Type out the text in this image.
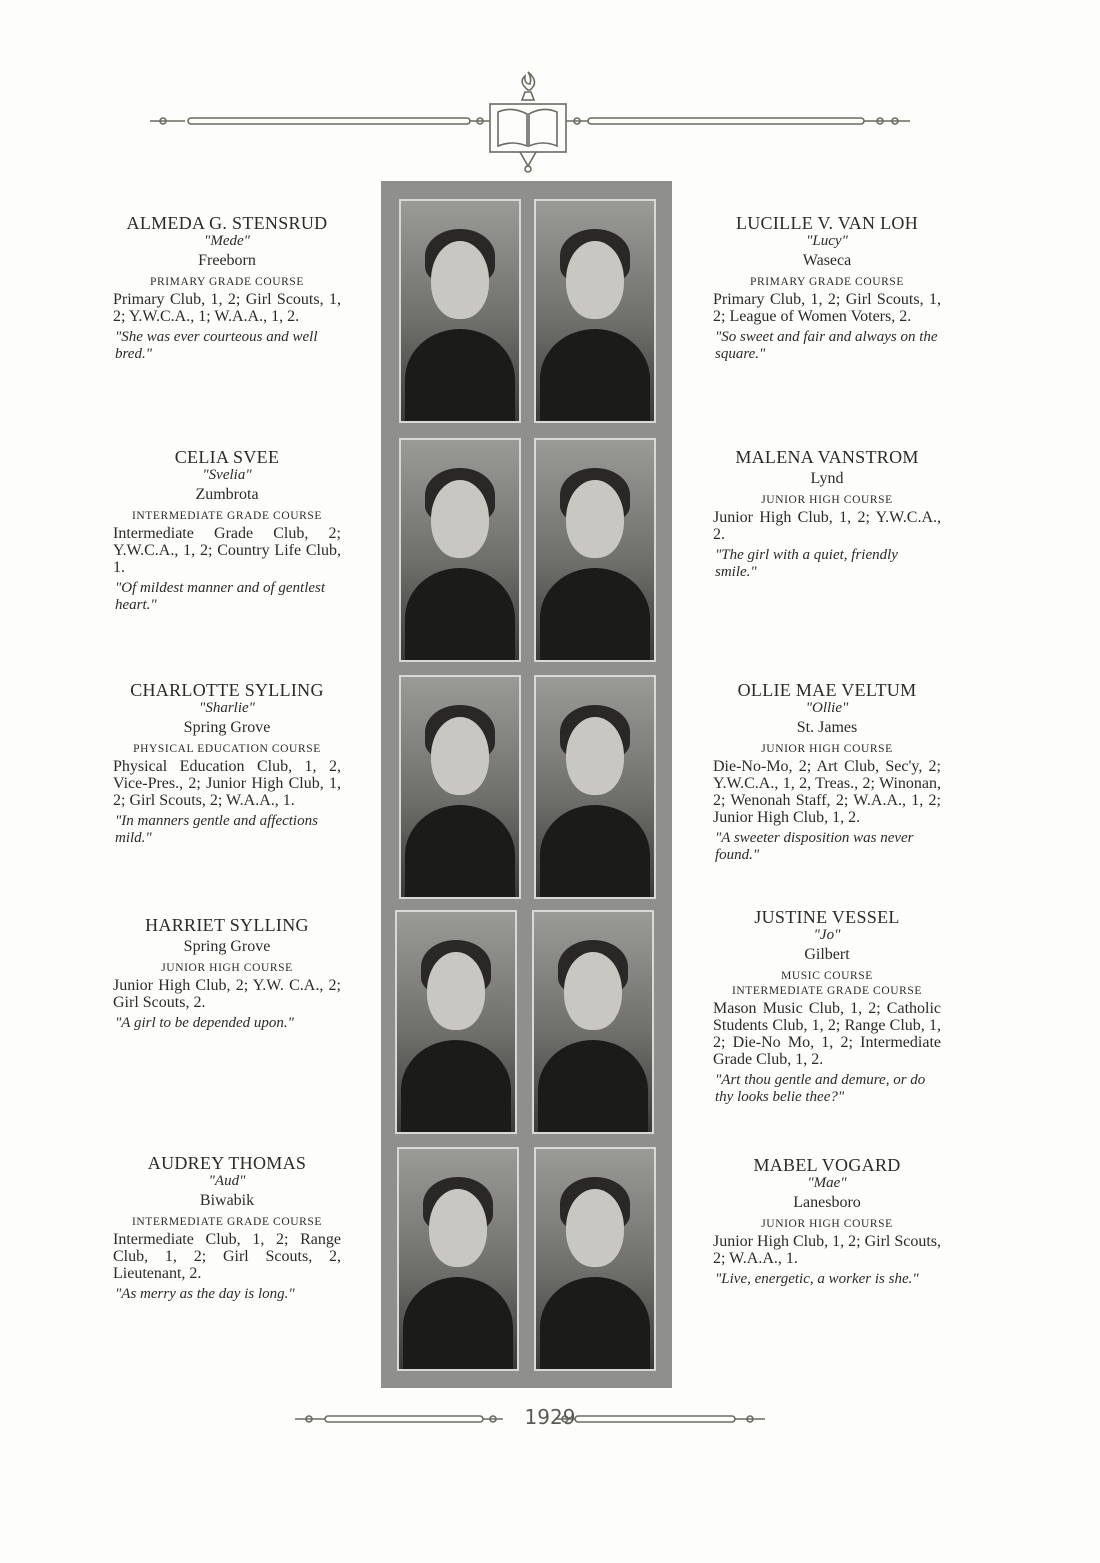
ALMEDA G. STENSRUD
"Mede"
Freeborn
PRIMARY GRADE COURSE
Primary Club, 1, 2; Girl Scouts, 1, 2; Y.W.C.A., 1; W.A.A., 1, 2.
"She was ever courteous and well bred."
CELIA SVEE
"Svelia"
Zumbrota
INTERMEDIATE GRADE COURSE
Intermediate Grade Club, 2; Y.W.C.A., 1, 2; Country Life Club, 1.
"Of mildest manner and of gentlest heart."
CHARLOTTE SYLLING
"Sharlie"
Spring Grove
PHYSICAL EDUCATION COURSE
Physical Education Club, 1, 2, Vice-Pres., 2; Junior High Club, 1, 2; Girl Scouts, 2; W.A.A., 1.
"In manners gentle and affections mild."
HARRIET SYLLING
Spring Grove
JUNIOR HIGH COURSE
Junior High Club, 2; Y.W. C.A., 2; Girl Scouts, 2.
"A girl to be depended upon."
AUDREY THOMAS
"Aud"
Biwabik
INTERMEDIATE GRADE COURSE
Intermediate Club, 1, 2; Range Club, 1, 2; Girl Scouts, 2, Lieutenant, 2.
"As merry as the day is long."
LUCILLE V. VAN LOH
"Lucy"
Waseca
PRIMARY GRADE COURSE
Primary Club, 1, 2; Girl Scouts, 1, 2; League of Women Voters, 2.
"So sweet and fair and always on the square."
MALENA VANSTROM
Lynd
JUNIOR HIGH COURSE
Junior High Club, 1, 2; Y.W.C.A., 2.
"The girl with a quiet, friendly smile."
OLLIE MAE VELTUM
"Ollie"
St. James
JUNIOR HIGH COURSE
Die-No-Mo, 2; Art Club, Sec'y, 2; Y.W.C.A., 1, 2, Treas., 2; Winonan, 2; Wenonah Staff, 2; W.A.A., 1, 2; Junior High Club, 1, 2.
"A sweeter disposition was never found."
JUSTINE VESSEL
"Jo"
Gilbert
MUSIC COURSE
INTERMEDIATE GRADE COURSE
Mason Music Club, 1, 2; Catholic Students Club, 1, 2; Range Club, 1, 2; Die-No Mo, 1, 2; Intermediate Grade Club, 1, 2.
"Art thou gentle and demure, or do thy looks belie thee?"
MABEL VOGARD
"Mae"
Lanesboro
JUNIOR HIGH COURSE
Junior High Club, 1, 2; Girl Scouts, 2; W.A.A., 1.
"Live, energetic, a worker is she."
1929
